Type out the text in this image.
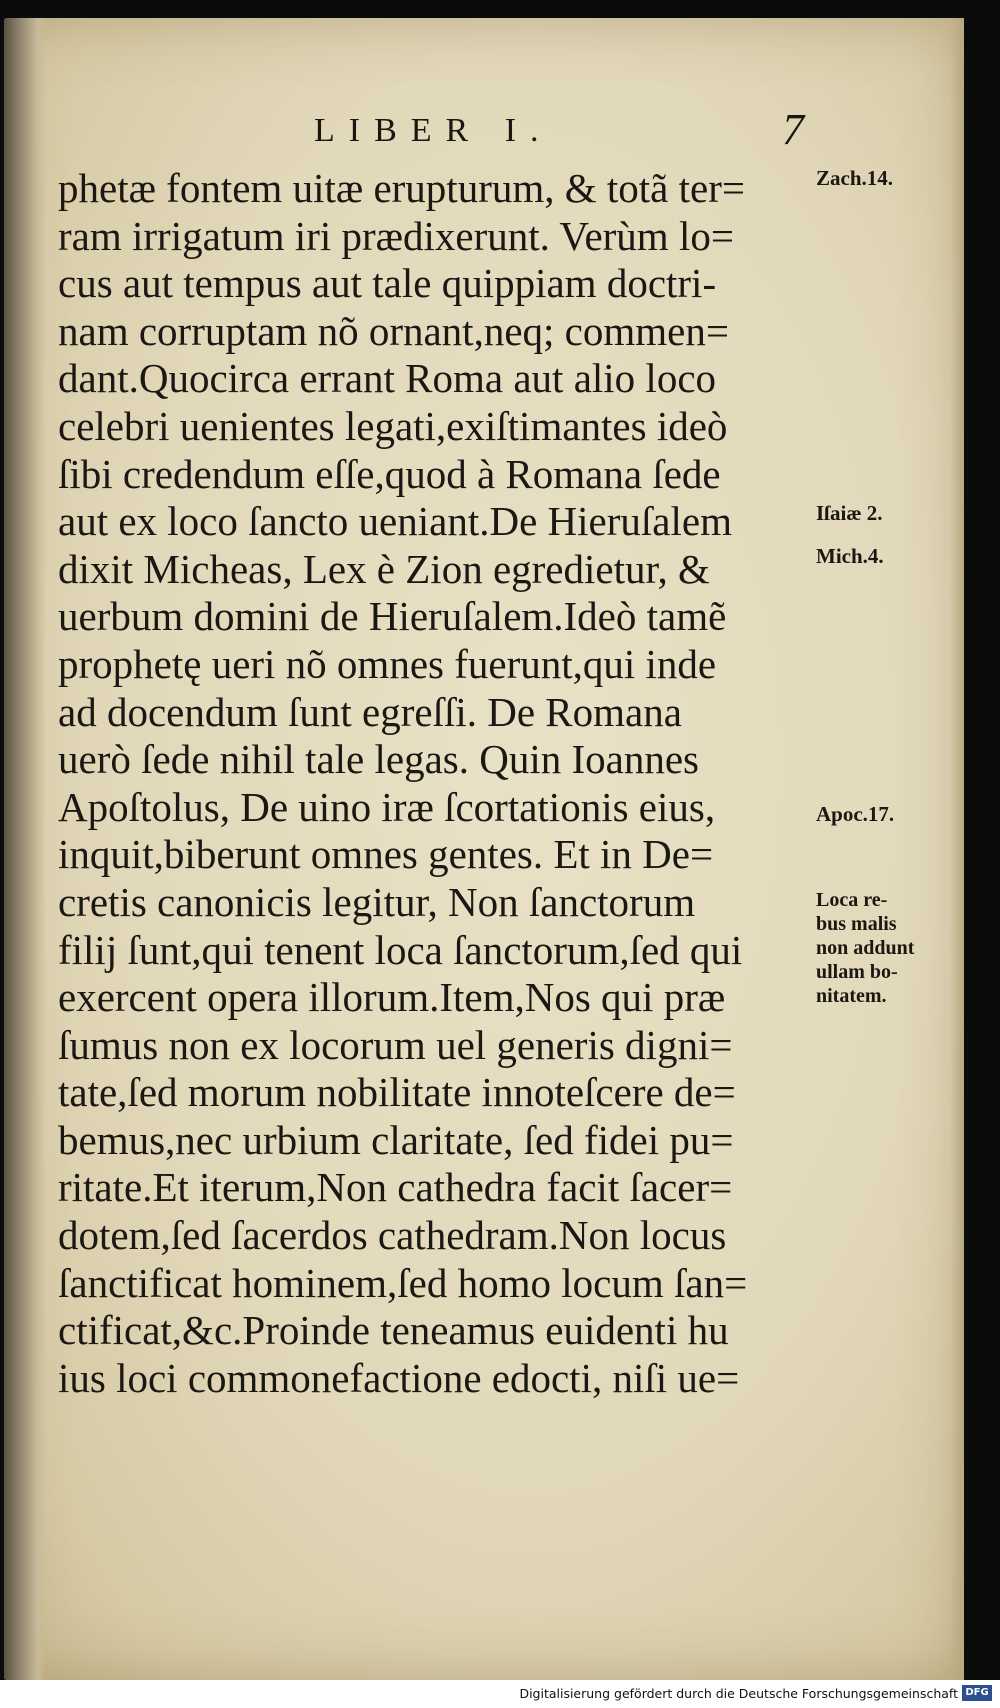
LIBER I.	7
phetæ fontem uitæ erupturum, & totã ter=
ram irrigatum iri prædixerunt. Verùm lo=
cus aut tempus aut tale quippiam doctri-
nam corruptam nõ ornant,neq; commen=
dant.Quocirca errant Roma aut alio loco
celebri uenientes legati,exiſtimantes ideò
ſibi credendum eſſe,quod à Romana ſede
aut ex loco ſancto ueniant.De Hieruſalem
dixit Micheas, Lex è Zion egredietur, &
uerbum domini de Hieruſalem.Ideò tamẽ
prophetę ueri nõ omnes fuerunt,qui inde
ad docendum ſunt egreſſi. De Romana
uerò ſede nihil tale legas. Quin Ioannes
Apoſtolus, De uino iræ ſcortationis eius,
inquit,biberunt omnes gentes. Et in De=
cretis canonicis legitur, Non ſanctorum
filij ſunt,qui tenent loca ſanctorum,ſed qui
exercent opera illorum.Item,Nos qui præ
ſumus non ex locorum uel generis digni=
tate,ſed morum nobilitate innoteſcere de=
bemus,nec urbium claritate, ſed fidei pu=
ritate.Et iterum,Non cathedra facit ſacer=
dotem,ſed ſacerdos cathedram.Non locus
ſanctificat hominem,ſed homo locum ſan=
ctificat,&c.Proinde teneamus euidenti hu
ius loci commonefactione edocti, niſi ue=
Zach.14.
Iſaiæ 2.
Mich.4.
Apoc.17.
Loca re-
bus malis
non addunt
ullam bo-
nitatem.
Digitalisierung gefördert durch die Deutsche Forschungsgemeinschaft DFG
